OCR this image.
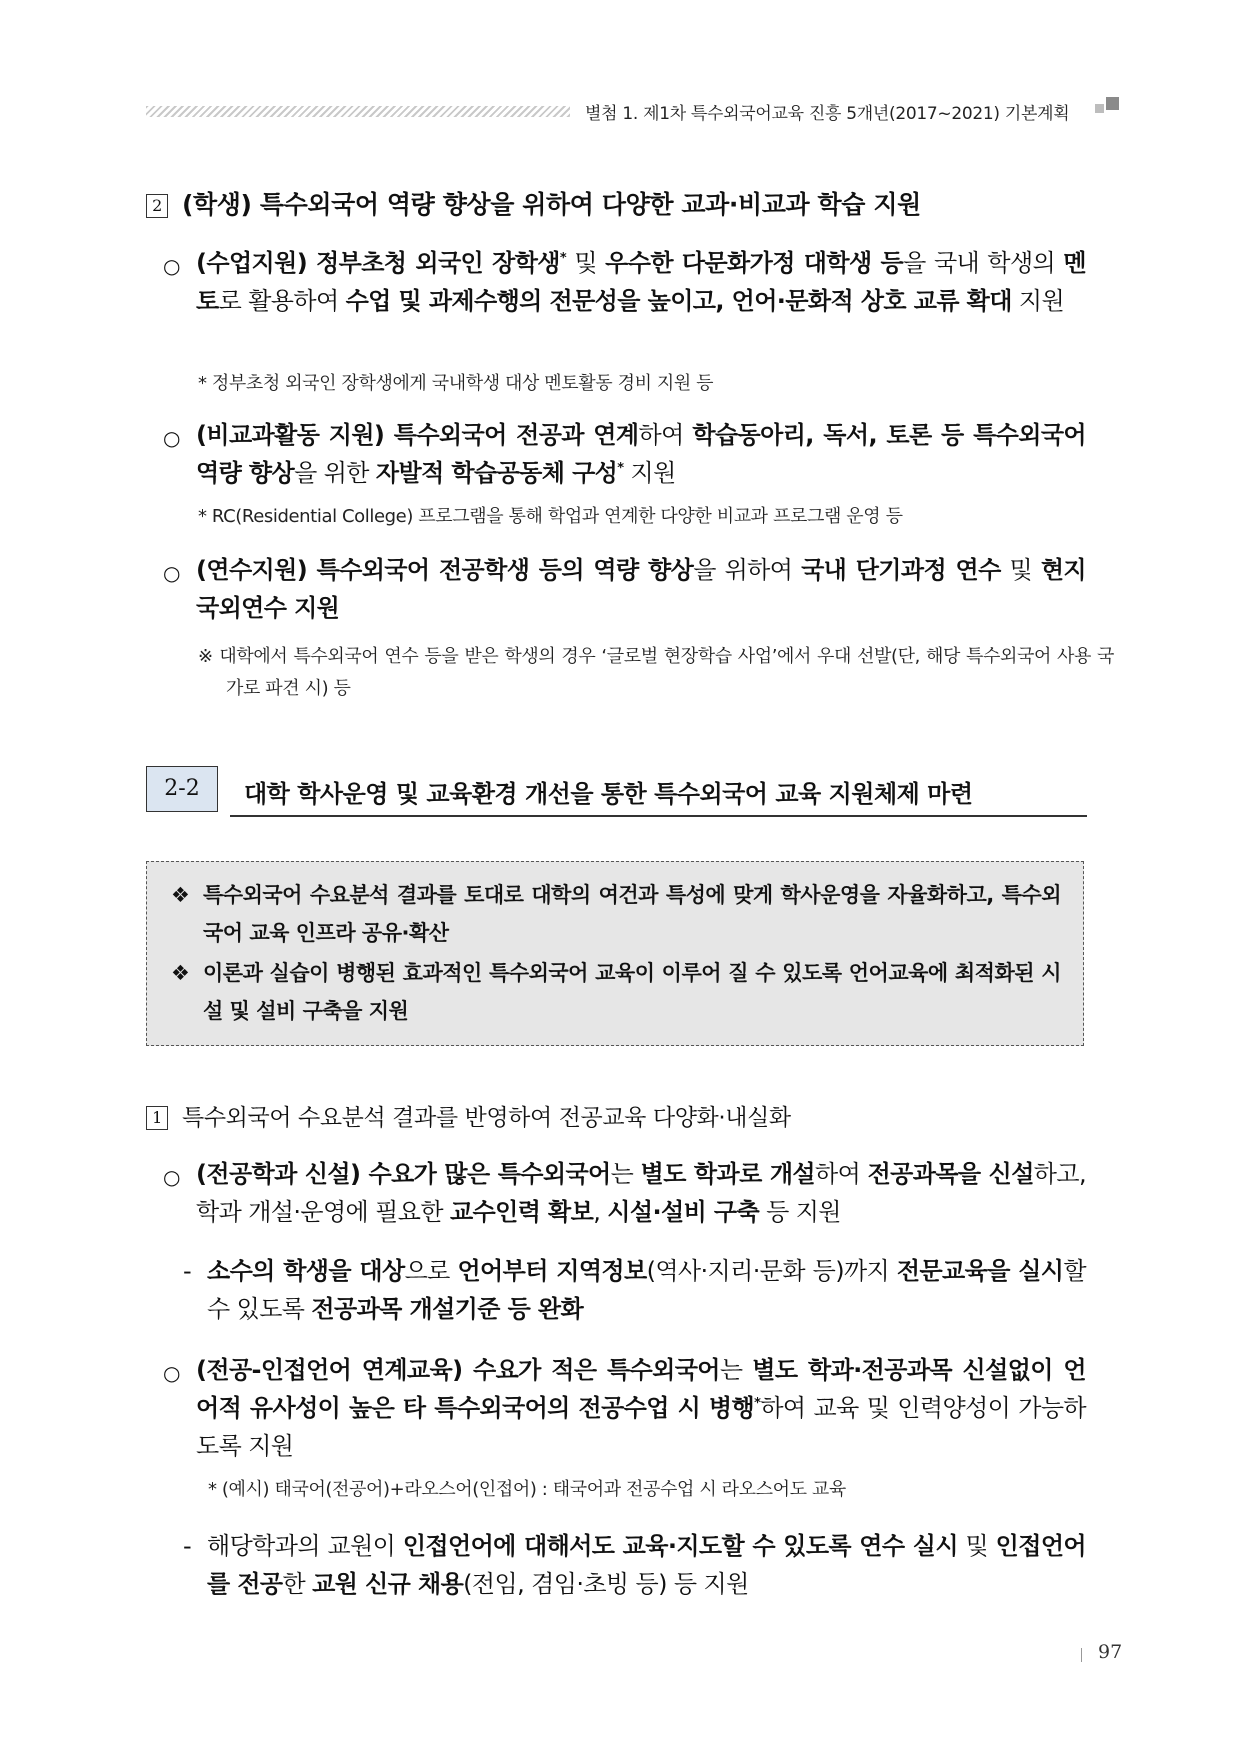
별첨 1. 제1차 특수외국어교육 진흥 5개년(2017~2021) 기본계획
2 (학생) 특수외국어 역량 향상을 위하여 다양한 교과·비교과 학습 지원
○ (수업지원) 정부초청 외국인 장학생* 및 우수한 다문화가정 대학생 등을 국내 학생의 멘토로 활용하여 수업 및 과제수행의 전문성을 높이고, 언어·문화적 상호 교류 확대 지원
* 정부초청 외국인 장학생에게 국내학생 대상 멘토활동 경비 지원 등
○ (비교과활동 지원) 특수외국어 전공과 연계하여 학습동아리, 독서, 토론 등 특수외국어 역량 향상을 위한 자발적 학습공동체 구성* 지원
* RC(Residential College) 프로그램을 통해 학업과 연계한 다양한 비교과 프로그램 운영 등
○ (연수지원) 특수외국어 전공학생 등의 역량 향상을 위하여 국내 단기과정 연수 및 현지 국외연수 지원
※ 대학에서 특수외국어 연수 등을 받은 학생의 경우 ‘글로벌 현장학습 사업’에서 우대 선발(단, 해당 특수외국어 사용 국가로 파견 시) 등
2-2	대학 학사운영 및 교육환경 개선을 통한 특수외국어 교육 지원체제 마련
❖ 특수외국어 수요분석 결과를 토대로 대학의 여건과 특성에 맞게 학사운영을 자율화하고, 특수외국어 교육 인프라 공유·확산
❖ 이론과 실습이 병행된 효과적인 특수외국어 교육이 이루어 질 수 있도록 언어교육에 최적화된 시설 및 설비 구축을 지원
1 특수외국어 수요분석 결과를 반영하여 전공교육 다양화·내실화
○ (전공학과 신설) 수요가 많은 특수외국어는 별도 학과로 개설하여 전공과목을 신설하고, 학과 개설·운영에 필요한 교수인력 확보, 시설·설비 구축 등 지원
- 소수의 학생을 대상으로 언어부터 지역정보(역사·지리·문화 등)까지 전문교육을 실시할 수 있도록 전공과목 개설기준 등 완화
○ (전공-인접언어 연계교육) 수요가 적은 특수외국어는 별도 학과·전공과목 신설없이 언어적 유사성이 높은 타 특수외국어의 전공수업 시 병행*하여 교육 및 인력양성이 가능하도록 지원
* (예시) 태국어(전공어)+라오스어(인접어) : 태국어과 전공수업 시 라오스어도 교육
- 해당학과의 교원이 인접언어에 대해서도 교육·지도할 수 있도록 연수 실시 및 인접언어를 전공한 교원 신규 채용(전임, 겸임·초빙 등) 등 지원
97
